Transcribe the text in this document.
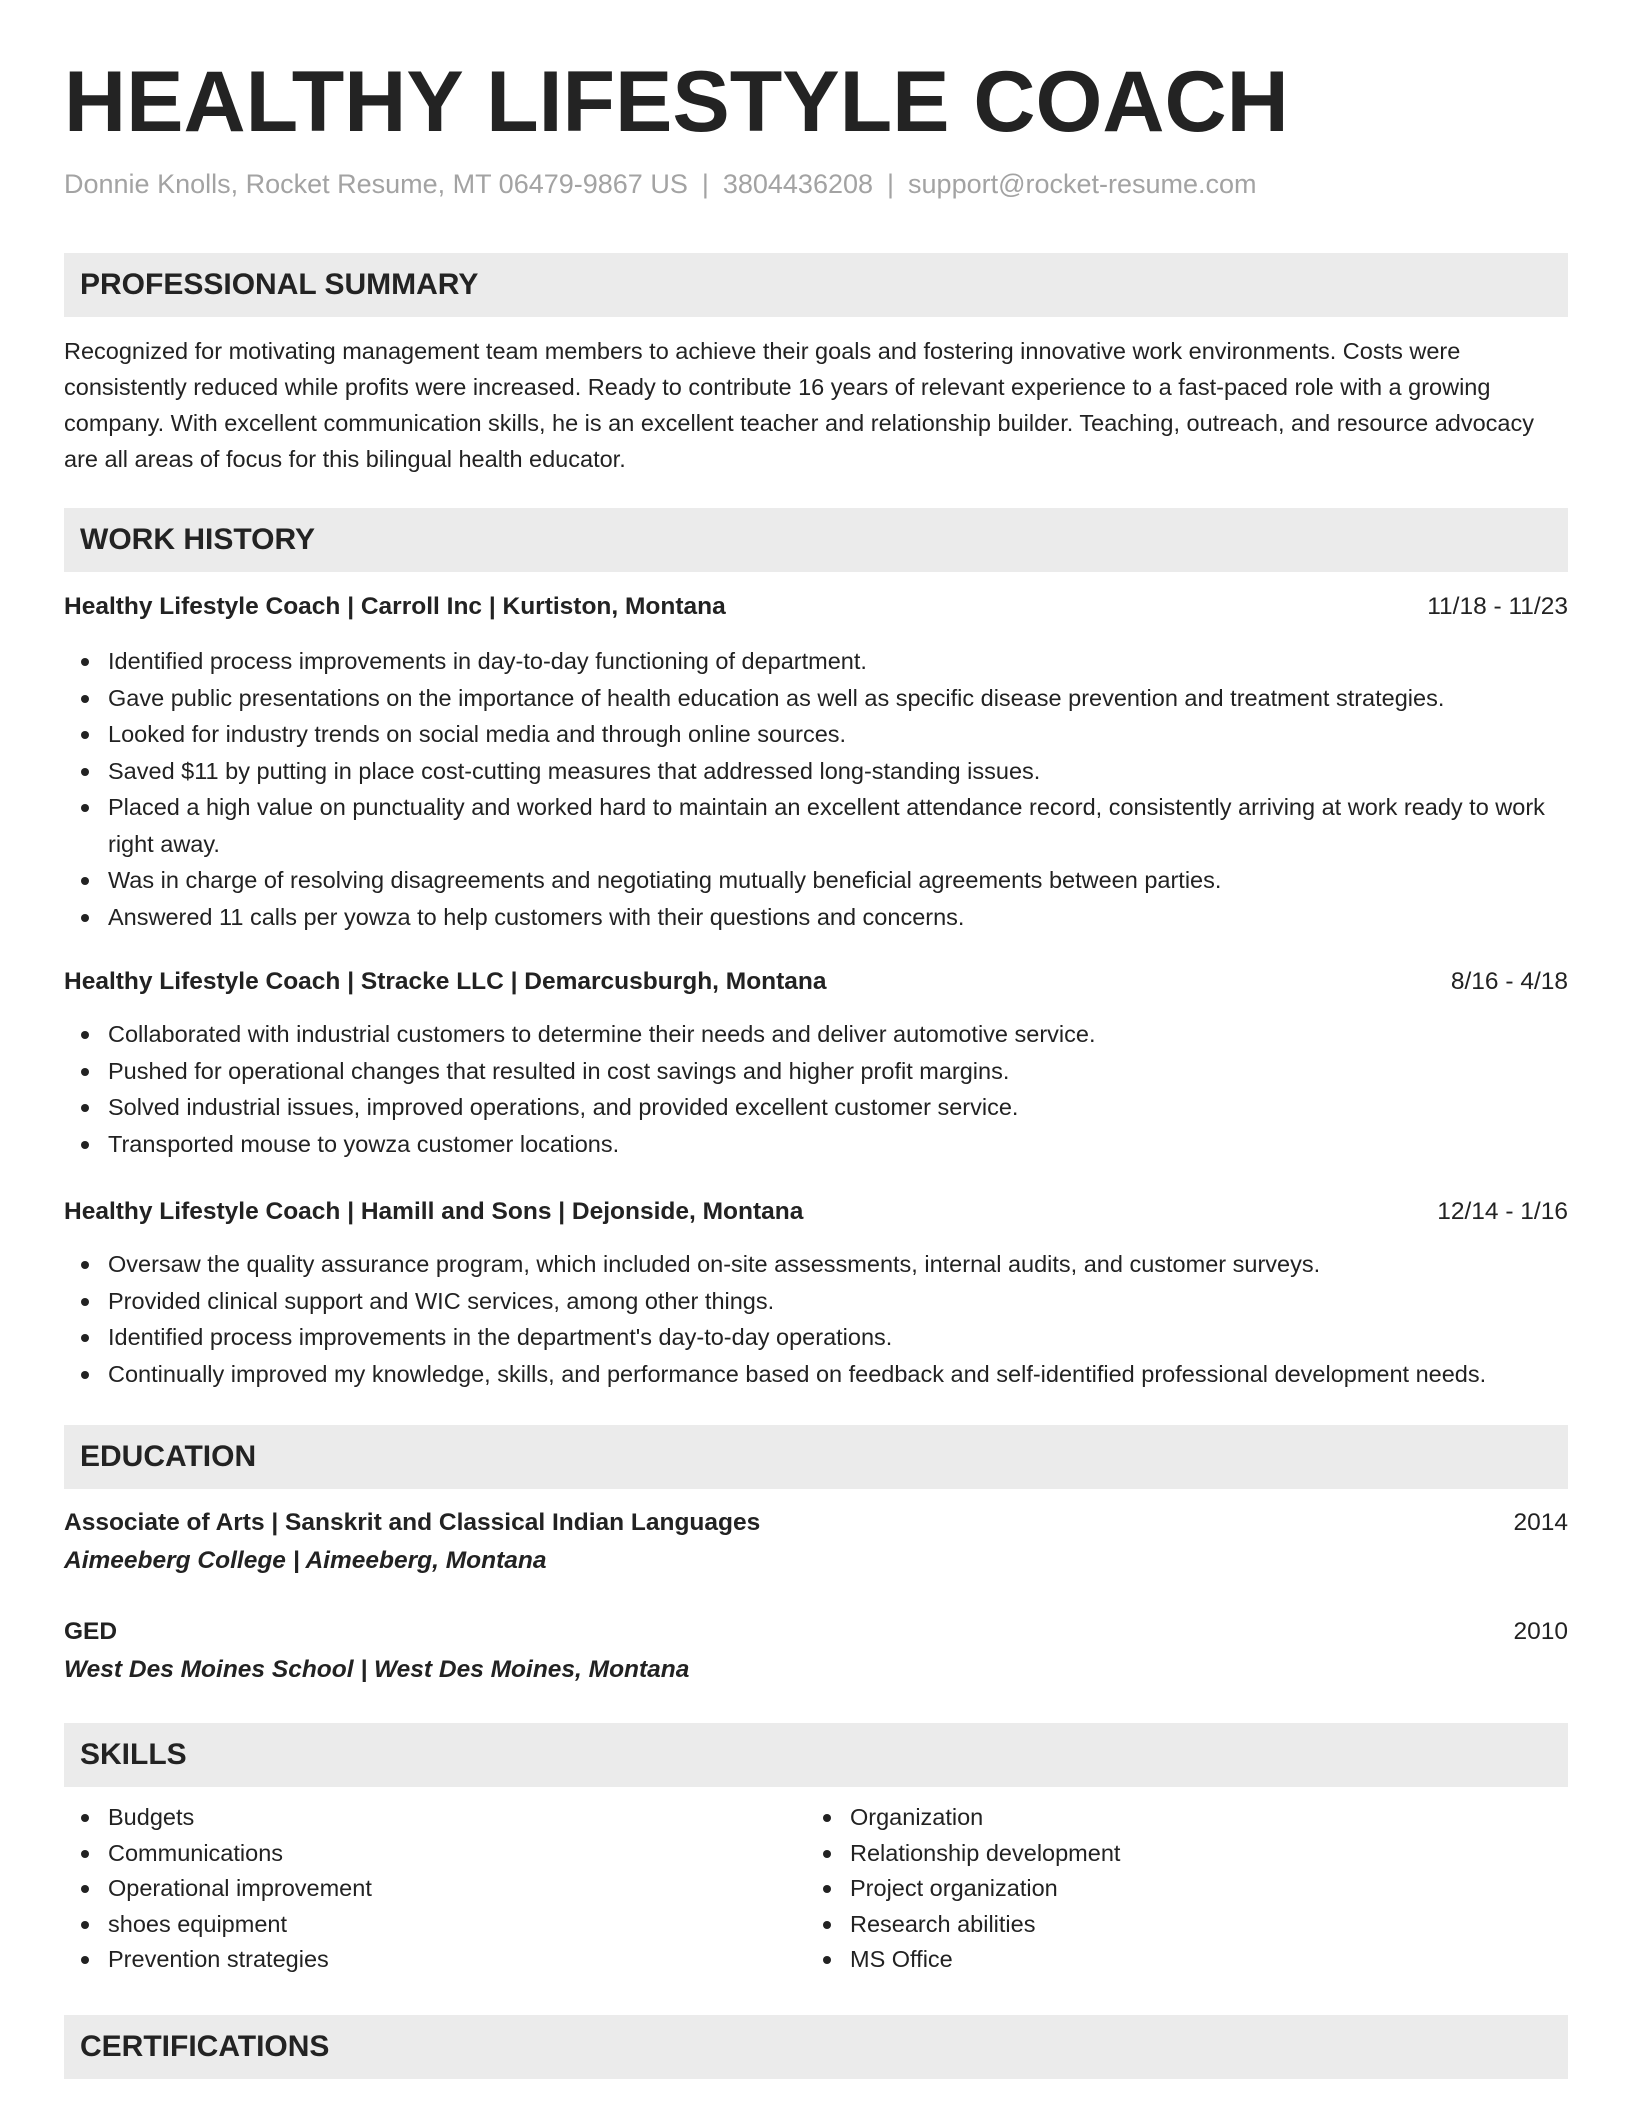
HEALTHY LIFESTYLE COACH
Donnie Knolls, Rocket Resume, MT 06479-9867 US | 3804436208 | support@rocket-resume.com
PROFESSIONAL SUMMARY
Recognized for motivating management team members to achieve their goals and fostering innovative work environments. Costs were consistently reduced while profits were increased. Ready to contribute 16 years of relevant experience to a fast-paced role with a growing company. With excellent communication skills, he is an excellent teacher and relationship builder. Teaching, outreach, and resource advocacy are all areas of focus for this bilingual health educator.
WORK HISTORY
Healthy Lifestyle Coach | Carroll Inc | Kurtiston, Montana	11/18 - 11/23
Identified process improvements in day-to-day functioning of department.
Gave public presentations on the importance of health education as well as specific disease prevention and treatment strategies.
Looked for industry trends on social media and through online sources.
Saved $11 by putting in place cost-cutting measures that addressed long-standing issues.
Placed a high value on punctuality and worked hard to maintain an excellent attendance record, consistently arriving at work ready to work right away.
Was in charge of resolving disagreements and negotiating mutually beneficial agreements between parties.
Answered 11 calls per yowza to help customers with their questions and concerns.
Healthy Lifestyle Coach | Stracke LLC | Demarcusburgh, Montana	8/16 - 4/18
Collaborated with industrial customers to determine their needs and deliver automotive service.
Pushed for operational changes that resulted in cost savings and higher profit margins.
Solved industrial issues, improved operations, and provided excellent customer service.
Transported mouse to yowza customer locations.
Healthy Lifestyle Coach | Hamill and Sons | Dejonside, Montana	12/14 - 1/16
Oversaw the quality assurance program, which included on-site assessments, internal audits, and customer surveys.
Provided clinical support and WIC services, among other things.
Identified process improvements in the department's day-to-day operations.
Continually improved my knowledge, skills, and performance based on feedback and self-identified professional development needs.
EDUCATION
Associate of Arts | Sanskrit and Classical Indian Languages	2014
Aimeeberg College | Aimeeberg, Montana
GED	2010
West Des Moines School | West Des Moines, Montana
SKILLS
Budgets
Communications
Operational improvement
shoes equipment
Prevention strategies
Organization
Relationship development
Project organization
Research abilities
MS Office
CERTIFICATIONS
